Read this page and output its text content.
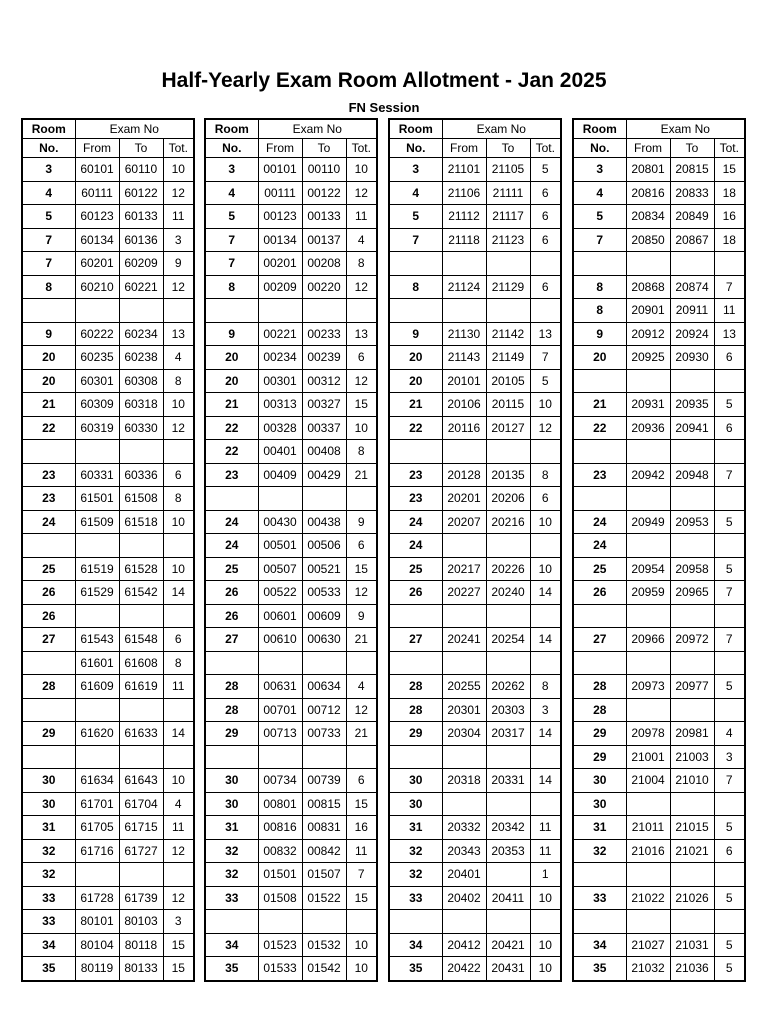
Half-Yearly Exam Room Allotment - Jan 2025
FN Session
Room	Exam No		
No.	From	To	Tot.
3	60101	60110	10
4	60111	60122	12
5	60123	60133	11
7	60134	60136	3
7	60201	60209	9
8	60210	60221	12

9	60222	60234	13
20	60235	60238	4
20	60301	60308	8
21	60309	60318	10
22	60319	60330	12

23	60331	60336	6
23	61501	61508	8
24	61509	61518	10

25	61519	61528	10
26	61529	61542	14
26			
27	61543	61548	6
	61601	61608	8
28	61609	61619	11

29	61620	61633	14

30	61634	61643	10
30	61701	61704	4
31	61705	61715	11
32	61716	61727	12
32			
33	61728	61739	12
33	80101	80103	3
34	80104	80118	15
35	80119	80133	15
Room	Exam No		
No.	From	To	Tot.
3	00101	00110	10
4	00111	00122	12
5	00123	00133	11
7	00134	00137	4
7	00201	00208	8
8	00209	00220	12

9	00221	00233	13
20	00234	00239	6
20	00301	00312	12
21	00313	00327	15
22	00328	00337	10
22	00401	00408	8
23	00409	00429	21

24	00430	00438	9
24	00501	00506	6
25	00507	00521	15
26	00522	00533	12
26	00601	00609	9
27	00610	00630	21

28	00631	00634	4
28	00701	00712	12
29	00713	00733	21

30	00734	00739	6
30	00801	00815	15
31	00816	00831	16
32	00832	00842	11
32	01501	01507	7
33	01508	01522	15

34	01523	01532	10
35	01533	01542	10
Room	Exam No		
No.	From	To	Tot.
3	21101	21105	5
4	21106	21111	6
5	21112	21117	6
7	21118	21123	6

8	21124	21129	6

9	21130	21142	13
20	21143	21149	7
20	20101	20105	5
21	20106	20115	10
22	20116	20127	12

23	20128	20135	8
23	20201	20206	6
24	20207	20216	10
24			
25	20217	20226	10
26	20227	20240	14

27	20241	20254	14

28	20255	20262	8
28	20301	20303	3
29	20304	20317	14

30	20318	20331	14
30			
31	20332	20342	11
32	20343	20353	11
32	20401		1
33	20402	20411	10

34	20412	20421	10
35	20422	20431	10
Room	Exam No		
No.	From	To	Tot.
3	20801	20815	15
4	20816	20833	18
5	20834	20849	16
7	20850	20867	18

8	20868	20874	7
8	20901	20911	11
9	20912	20924	13
20	20925	20930	6

21	20931	20935	5
22	20936	20941	6

23	20942	20948	7

24	20949	20953	5
24			
25	20954	20958	5
26	20959	20965	7

27	20966	20972	7

28	20973	20977	5
28			
29	20978	20981	4
29	21001	21003	3
30	21004	21010	7
30			
31	21011	21015	5
32	21016	21021	6

33	21022	21026	5

34	21027	21031	5
35	21032	21036	5
